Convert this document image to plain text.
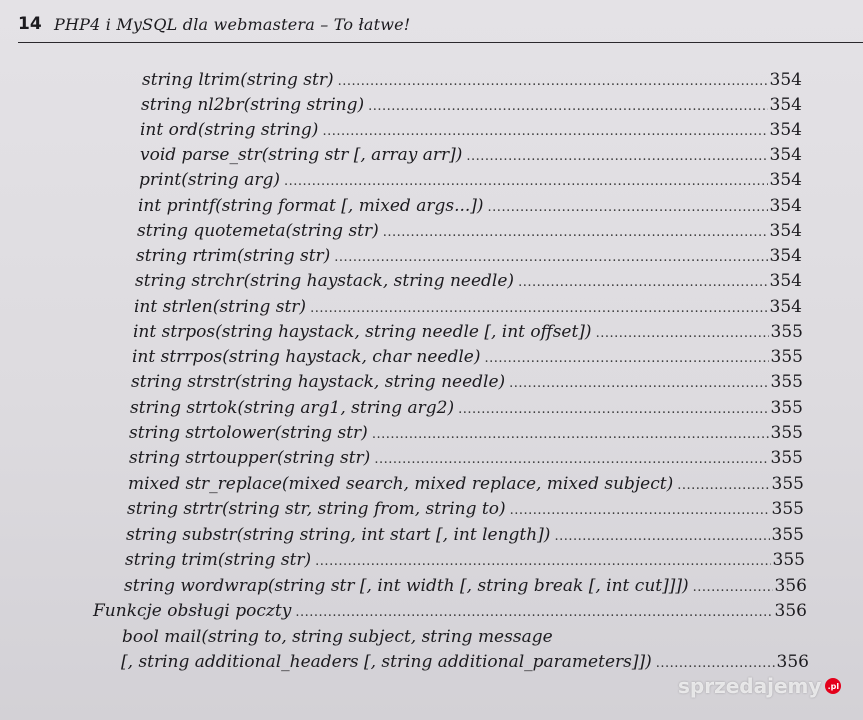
14 PHP4 i MySQL dla webmastera – To łatwe!
string ltrim(string str) .....	354
string nl2br(string string) .....	354
int ord(string string) .....	354
void parse_str(string str [, array arr]) .....	354
print(string arg) .....	354
int printf(string format [, mixed args...]) .....	354
string quotemeta(string str) .....	354
string rtrim(string str) .....	354
string strchr(string haystack, string needle) .....	354
int strlen(string str) .....	354
int strpos(string haystack, string needle [, int offset]) .....	355
int strrpos(string haystack, char needle) .....	355
string strstr(string haystack, string needle) .....	355
string strtok(string arg1, string arg2) .....	355
string strtolower(string str) .....	355
string strtoupper(string str) .....	355
mixed str_replace(mixed search, mixed replace, mixed subject) .....	355
string strtr(string str, string from, string to) .....	355
string substr(string string, int start [, int length]) .....	355
string trim(string str) .....	355
string wordwrap(string str [, int width [, string break [, int cut]]]) .....	356
Funkcje obsługi poczty .....	356
bool mail(string to, string subject, string message
[, string additional_headers [, string additional_parameters]]) .....	356
sprzedajemy .pl
